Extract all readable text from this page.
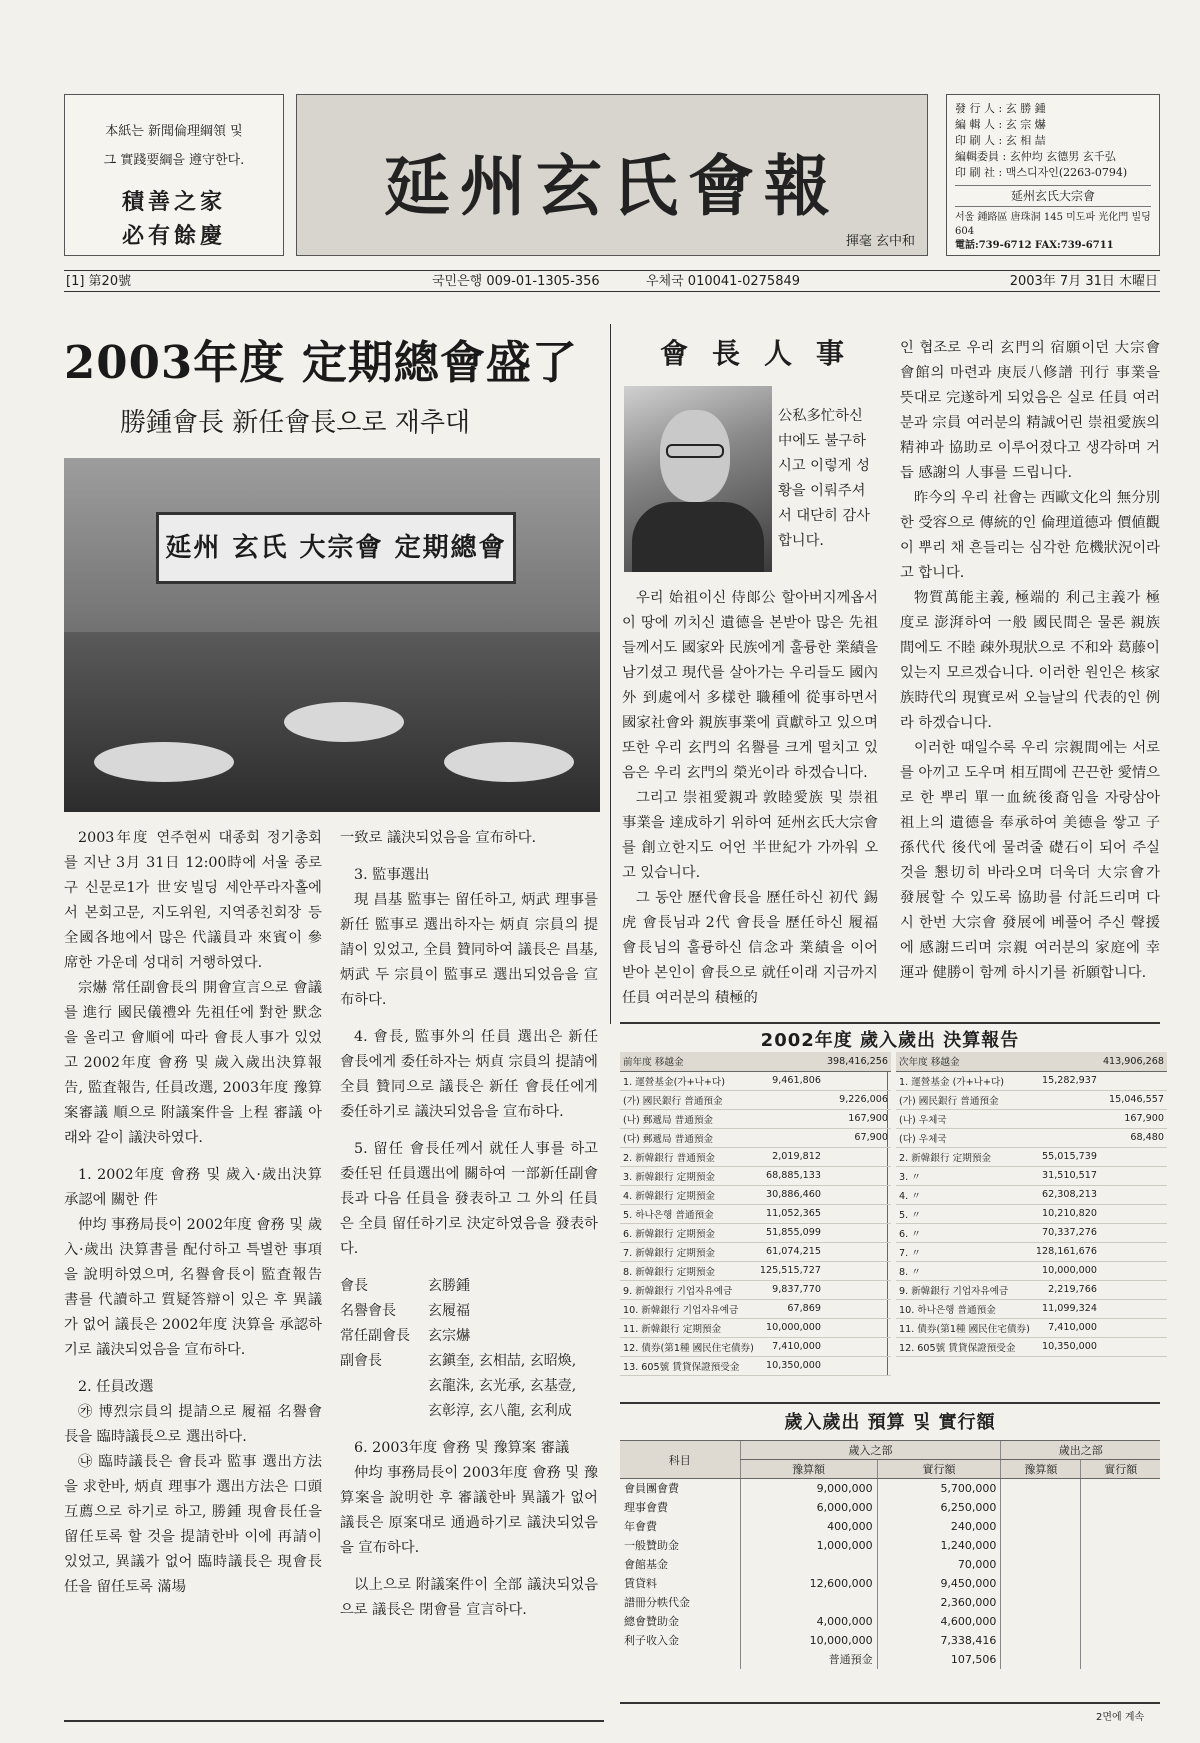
本紙는 新聞倫理綱領 및
그 實踐要綱을 遵守한다.
積善之家
必有餘慶
延州玄氏會報
揮毫 玄中和
發 行 人 : 玄 勝 鍾
編 輯 人 : 玄 宗 爀
印 刷 人 : 玄 相 喆
編輯委員 : 玄仲均 玄德男 玄千弘
印 刷 社 : 맥스디자인(2263-0794)
延州玄氏大宗會
서울 鍾路區 唐珠洞 145 미도파 光化門 빌딩 604
電話:739-6712 FAX:739-6711
[1] 第20號	국민은행 009-01-1305-356	우체국 010041-0275849	2003年 7月 31日 木曜日
2003年度 定期總會盛了
勝鍾會長 新任會長으로 재추대
延州 玄氏 大宗會 定期總會

2003年度 연주현씨 대종회 정기총회를 지난 3月 31日 12:00時에 서울 종로구 신문로1가 世安빌딩 세안푸라자홀에서 본회고문, 지도위원, 지역종친회장 등 全國各地에서 많은 代議員과 來賓이 參席한 가운데 성대히 거행하였다.

宗爀 常任副會長의 開會宣言으로 會議를 進行 國民儀禮와 先祖任에 對한 默念을 올리고 會順에 따라 會長人事가 있었고 2002年度 會務 및 歲入歲出決算報告, 監査報告, 任員改選, 2003年度 豫算案審議 順으로 附議案件을 上程 審議 아래와 같이 議決하였다.

1. 2002年度 會務 및 歲入·歲出決算 承認에 關한 件

仲均 事務局長이 2002年度 會務 및 歲入·歲出 決算書를 配付하고 특별한 事項을 說明하였으며, 名譽會長이 監査報告書를 代讀하고 質疑答辯이 있은 후 異議가 없어 議長은 2002年度 決算을 承認하기로 議決되었음을 宣布하다.

2. 任員改選

㉮ 博烈宗員의 提請으로 履福 名譽會長을 臨時議長으로 選出하다.

㉯ 臨時議長은 會長과 監事 選出方法을 求한바, 炳貞 理事가 選出方法은 口頭 互薦으로 하기로 하고, 勝鍾 現會長任을 留任토록 할 것을 提請한바 이에 再請이 있었고, 異議가 없어 臨時議長은 現會長任을 留任토록 滿場

一致로 議決되었음을 宣布하다.

3. 監事選出

現 昌基 監事는 留任하고, 炳武 理事를 新任 監事로 選出하자는 炳貞 宗員의 提請이 있었고, 全員 贊同하여 議長은 昌基, 炳武 두 宗員이 監事로 選出되었음을 宣布하다.

4. 會長, 監事外의 任員 選出은 新任 會長에게 委任하자는 炳貞 宗員의 提請에 全員 贊同으로 議長은 新任 會長任에게 委任하기로 議決되었음을 宣布하다.

5. 留任 會長任께서 就任人事를 하고 委任된 任員選出에 關하여 一部新任副會長과 다음 任員을 發表하고 그 外의 任員은 全員 留任하기로 決定하였음을 發表하다.

會長	玄勝鍾
名譽會長	玄履福
常任副會長	玄宗爀
副會長	玄鎭奎, 玄相喆, 玄昭煥,
玄龍洙, 玄光承, 玄基壹,
玄彰淳, 玄八龍, 玄利成

6. 2003年度 會務 및 豫算案 審議

仲均 事務局長이 2003年度 會務 및 豫算案을 說明한 후 審議한바 異議가 없어 議長은 原案대로 通過하기로 議決되었음을 宣布하다.

以上으로 附議案件이 全部 議決되었음으로 議長은 閉會를 宣言하다.

會長人事
公私多忙하신 中에도 불구하시고 이렇게 성황을 이뤄주셔서 대단히 감사합니다.

우리 始祖이신 侍郞公 할아버지께옵서 이 땅에 끼치신 遺德을 본받아 많은 先祖들께서도 國家와 民族에게 훌륭한 業績을 남기셨고 現代를 살아가는 우리들도 國內外 到處에서 多樣한 職種에 從事하면서 國家社會와 親族事業에 貢獻하고 있으며 또한 우리 玄門의 名譽를 크게 떨치고 있음은 우리 玄門의 榮光이라 하겠습니다.

그리고 崇祖愛親과 敦睦愛族 및 崇祖事業을 達成하기 위하여 延州玄氏大宗會를 創立한지도 어언 半世紀가 가까워 오고 있습니다.

그 동안 歷代會長을 歷任하신 初代 錫虎 會長님과 2代 會長을 歷任하신 履福 會長님의 훌륭하신 信念과 業績을 이어 받아 본인이 會長으로 就任이래 지금까지 任員 여러분의 積極的

인 협조로 우리 玄門의 宿願이던 大宗會 會館의 마련과 庚辰八修譜 刊行 事業을 뜻대로 完遂하게 되었음은 실로 任員 여러분과 宗員 여러분의 精誠어린 崇祖愛族의 精神과 協助로 이루어졌다고 생각하며 거듭 感謝의 人事를 드립니다.

昨今의 우리 社會는 西歐文化의 無分別한 受容으로 傳統的인 倫理道德과 價値觀이 뿌리 채 흔들리는 심각한 危機狀況이라고 합니다.

物質萬能主義, 極端的 利己主義가 極度로 澎湃하여 一般 國民間은 물론 親族間에도 不睦 疎外現狀으로 不和와 葛藤이 있는지 모르겠습니다. 이러한 원인은 核家族時代의 現實로써 오늘날의 代表的인 例라 하겠습니다.

이러한 때일수록 우리 宗親間에는 서로를 아끼고 도우며 相互間에 끈끈한 愛情으로 한 뿌리 單一血統後裔임을 자랑삼아 祖上의 遺德을 奉承하여 美德을 쌓고 子孫代代 後代에 물려줄 礎石이 되어 주실 것을 懇切히 바라오며 더욱더 大宗會가 發展할 수 있도록 協助를 付託드리며 다시 한번 大宗會 發展에 베풀어 주신 聲援에 感謝드리며 宗親 여러분의 家庭에 幸運과 健勝이 함께 하시기를 祈願합니다.

2002年度 歲入歲出 決算報告
前年度 移越金		398,416,256
1. 運營基金(가+나+다)	9,461,806	
(가) 國民銀行 普通預金		9,226,006
(나) 郵遞局 普通預金		167,900
(다) 郵遞局 普通預金		67,900
2. 新韓銀行 普通預金	2,019,812	
3. 新韓銀行 定期預金	68,885,133	
4. 新韓銀行 定期預金	30,886,460	
5. 하나은행 普通預金	11,052,365	
6. 新韓銀行 定期預金	51,855,099	
7. 新韓銀行 定期預金	61,074,215	
8. 新韓銀行 定期預金	125,515,727	
9. 新韓銀行 기업자유예금	9,837,770	
10. 新韓銀行 기업자유예금	67,869	
11. 新韓銀行 定期預金	10,000,000	
12. 債券(第1種 國民住宅債券)	7,410,000	
13. 605號 賃貸保證預受金	10,350,000	
次年度 移越金		413,906,268
1. 運營基金 (가+나+다)	15,282,937	
(가) 國民銀行 普通預金		15,046,557
(나) 우체국		167,900
(다) 우체국		68,480
2. 新韓銀行 定期預金	55,015,739	
3. 〃	31,510,517	
4. 〃	62,308,213	
5. 〃	10,210,820	
6. 〃	70,337,276	
7. 〃	128,161,676	
8. 〃	10,000,000	
9. 新韓銀行 기업자유예금	2,219,766	
10. 하나은행 普通預金	11,099,324	
11. 債券(第1種 國民住宅債券)	7,410,000	
12. 605號 賃貸保證預受金	10,350,000	
歲入歲出 預算 및 實行額
科目	歲入之部		歲出之部	
	豫算額	實行額	豫算額	實行額
會員團會費	9,000,000	5,700,000		
理事會費	6,000,000	6,250,000		
年會費	400,000	240,000		
一般贊助金	1,000,000	1,240,000		
會館基金		70,000		
賃貸料	12,600,000	9,450,000		
譜冊分帙代金		2,360,000		
總會贊助金	4,000,000	4,600,000		
利子收入金	10,000,000	7,338,416		
	普通預金	107,506		
2면에 계속
